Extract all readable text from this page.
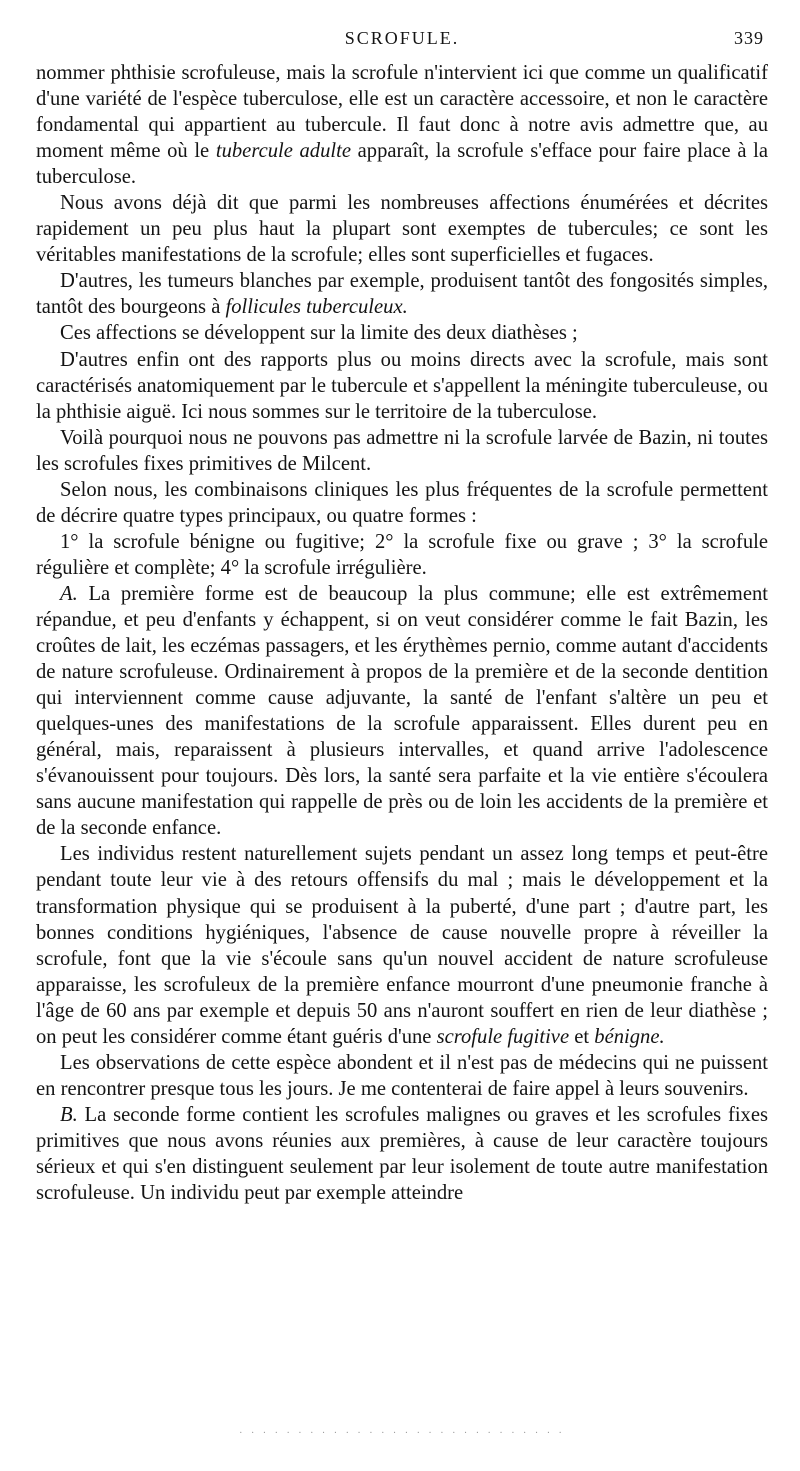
SCROFULE.	339

nommer phthisie scrofuleuse, mais la scrofule n'intervient ici que comme un qualificatif d'une variété de l'espèce tuberculose, elle est un caractère accessoire, et non le caractère fondamental qui appartient au tubercule. Il faut donc à notre avis admettre que, au moment même où le tubercule adulte apparaît, la scrofule s'efface pour faire place à la tuberculose.

Nous avons déjà dit que parmi les nombreuses affections énumérées et décrites rapidement un peu plus haut la plupart sont exemptes de tubercules; ce sont les véritables manifestations de la scrofule; elles sont superficielles et fugaces.

D'autres, les tumeurs blanches par exemple, produisent tantôt des fongosités simples, tantôt des bourgeons à follicules tuberculeux.

Ces affections se développent sur la limite des deux diathèses ;

D'autres enfin ont des rapports plus ou moins directs avec la scrofule, mais sont caractérisés anatomiquement par le tubercule et s'appellent la méningite tuberculeuse, ou la phthisie aiguë. Ici nous sommes sur le territoire de la tuberculose.

Voilà pourquoi nous ne pouvons pas admettre ni la scrofule larvée de Bazin, ni toutes les scrofules fixes primitives de Milcent.

Selon nous, les combinaisons cliniques les plus fréquentes de la scrofule permettent de décrire quatre types principaux, ou quatre formes :

1° la scrofule bénigne ou fugitive; 2° la scrofule fixe ou grave ; 3° la scrofule régulière et complète; 4° la scrofule irrégulière.

A. La première forme est de beaucoup la plus commune; elle est extrêmement répandue, et peu d'enfants y échappent, si on veut considérer comme le fait Bazin, les croûtes de lait, les eczémas passagers, et les érythèmes pernio, comme autant d'accidents de nature scrofuleuse. Ordinairement à propos de la première et de la seconde dentition qui interviennent comme cause adjuvante, la santé de l'enfant s'altère un peu et quelques-unes des manifestations de la scrofule apparaissent. Elles durent peu en général, mais, reparaissent à plusieurs intervalles, et quand arrive l'adolescence s'évanouissent pour toujours. Dès lors, la santé sera parfaite et la vie entière s'écoulera sans aucune manifestation qui rappelle de près ou de loin les accidents de la première et de la seconde enfance.

Les individus restent naturellement sujets pendant un assez long temps et peut-être pendant toute leur vie à des retours offensifs du mal ; mais le développement et la transformation physique qui se produisent à la puberté, d'une part ; d'autre part, les bonnes conditions hygiéniques, l'absence de cause nouvelle propre à réveiller la scrofule, font que la vie s'écoule sans qu'un nouvel accident de nature scrofuleuse apparaisse, les scrofuleux de la première enfance mourront d'une pneumonie franche à l'âge de 60 ans par exemple et depuis 50 ans n'auront souffert en rien de leur diathèse ; on peut les considérer comme étant guéris d'une scrofule fugitive et bénigne.

Les observations de cette espèce abondent et il n'est pas de médecins qui ne puissent en rencontrer presque tous les jours. Je me contenterai de faire appel à leurs souvenirs.

B. La seconde forme contient les scrofules malignes ou graves et les scrofules fixes primitives que nous avons réunies aux premières, à cause de leur caractère toujours sérieux et qui s'en distinguent seulement par leur isolement de toute autre manifestation scrofuleuse. Un individu peut par exemple atteindre

· · · · · · · · · · · · · · · · · · · · · · · · · · · ·
